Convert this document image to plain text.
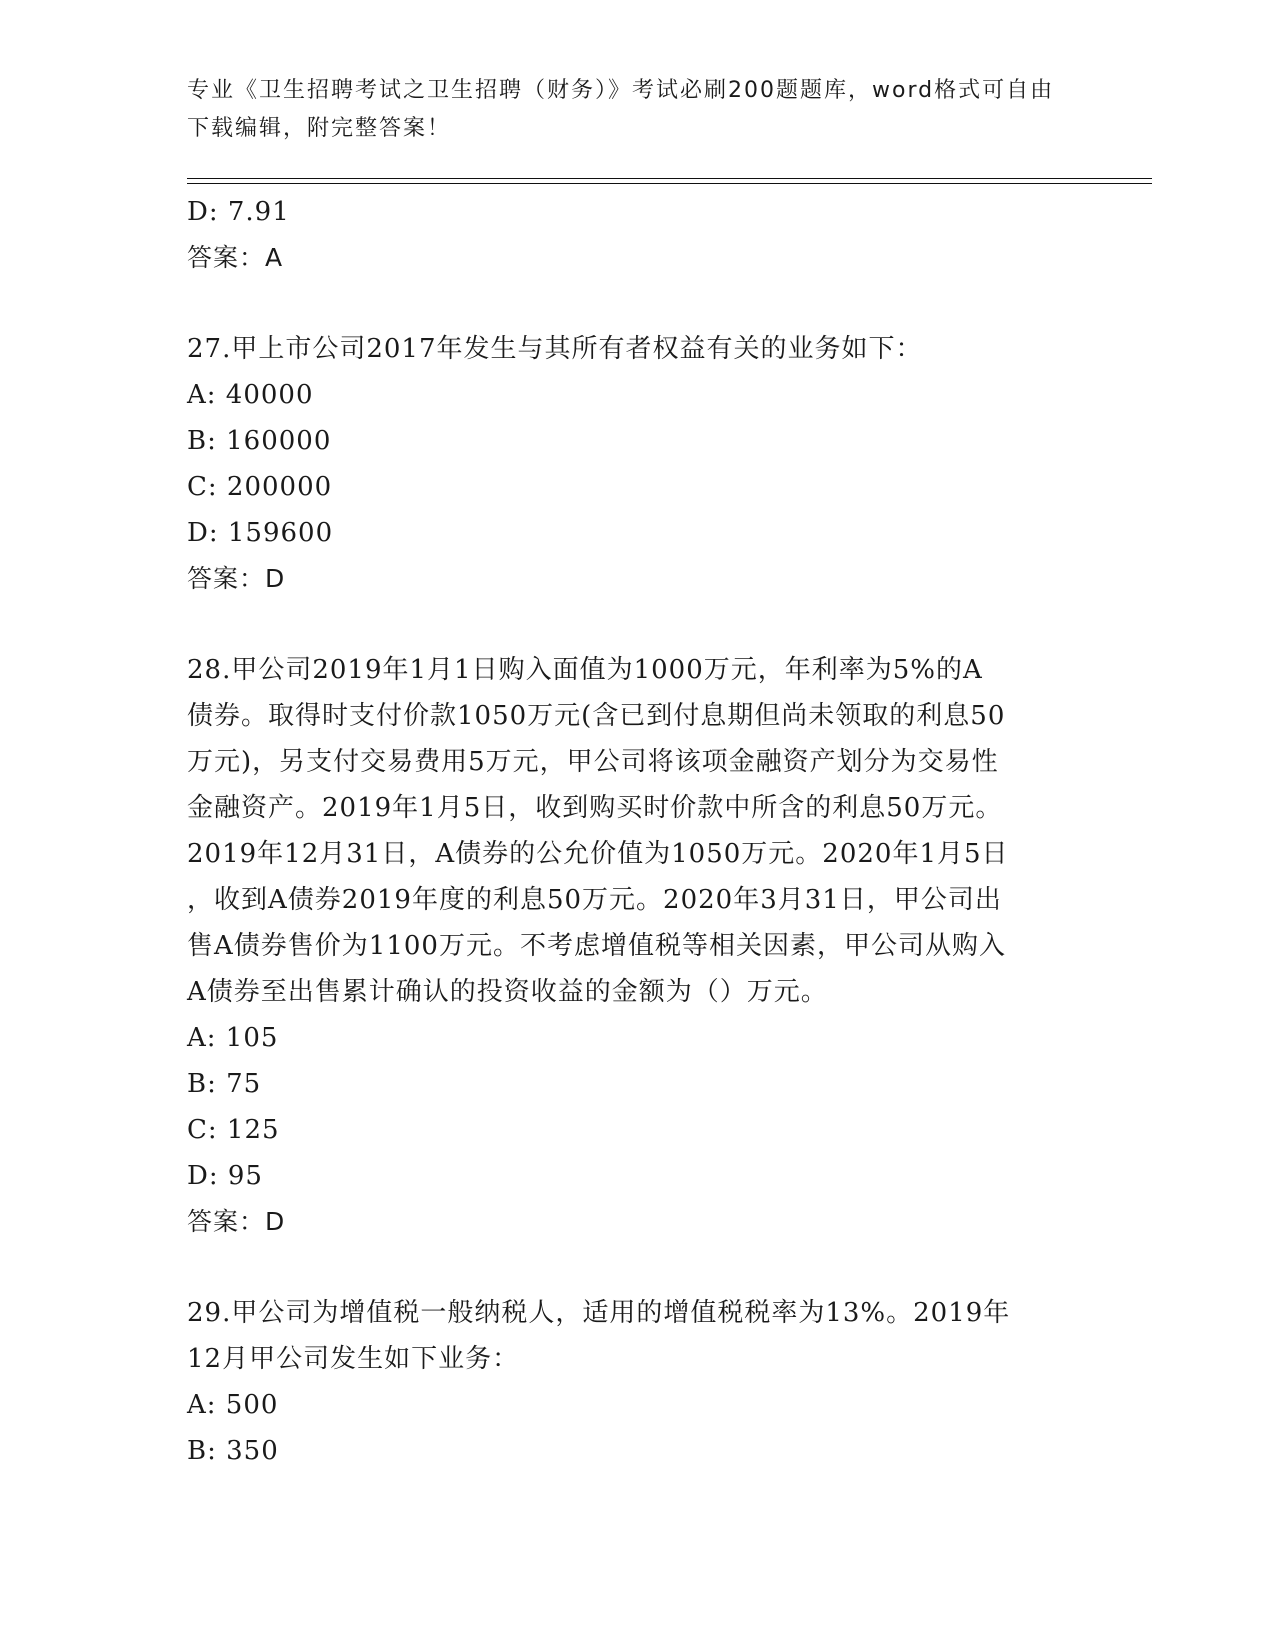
专业《卫生招聘考试之卫生招聘（财务）》考试必刷200题题库，word格式可自由下载编辑，附完整答案！
D: 7.91
答案：A
27.甲上市公司2017年发生与其所有者权益有关的业务如下：
A: 40000
B: 160000
C: 200000
D: 159600
答案：D
28.甲公司2019年1月1日购入面值为1000万元，年利率为5%的A
债券。取得时支付价款1050万元(含已到付息期但尚未领取的利息50
万元)，另支付交易费用5万元，甲公司将该项金融资产划分为交易性
金融资产。2019年1月5日，收到购买时价款中所含的利息50万元。
2019年12月31日，A债券的公允价值为1050万元。2020年1月5日
，收到A债券2019年度的利息50万元。2020年3月31日，甲公司出
售A债券售价为1100万元。不考虑增值税等相关因素，甲公司从购入
A债券至出售累计确认的投资收益的金额为（）万元。
A: 105
B: 75
C: 125
D: 95
答案：D
29.甲公司为增值税一般纳税人，适用的增值税税率为13%。2019年
12月甲公司发生如下业务：
A: 500
B: 350
